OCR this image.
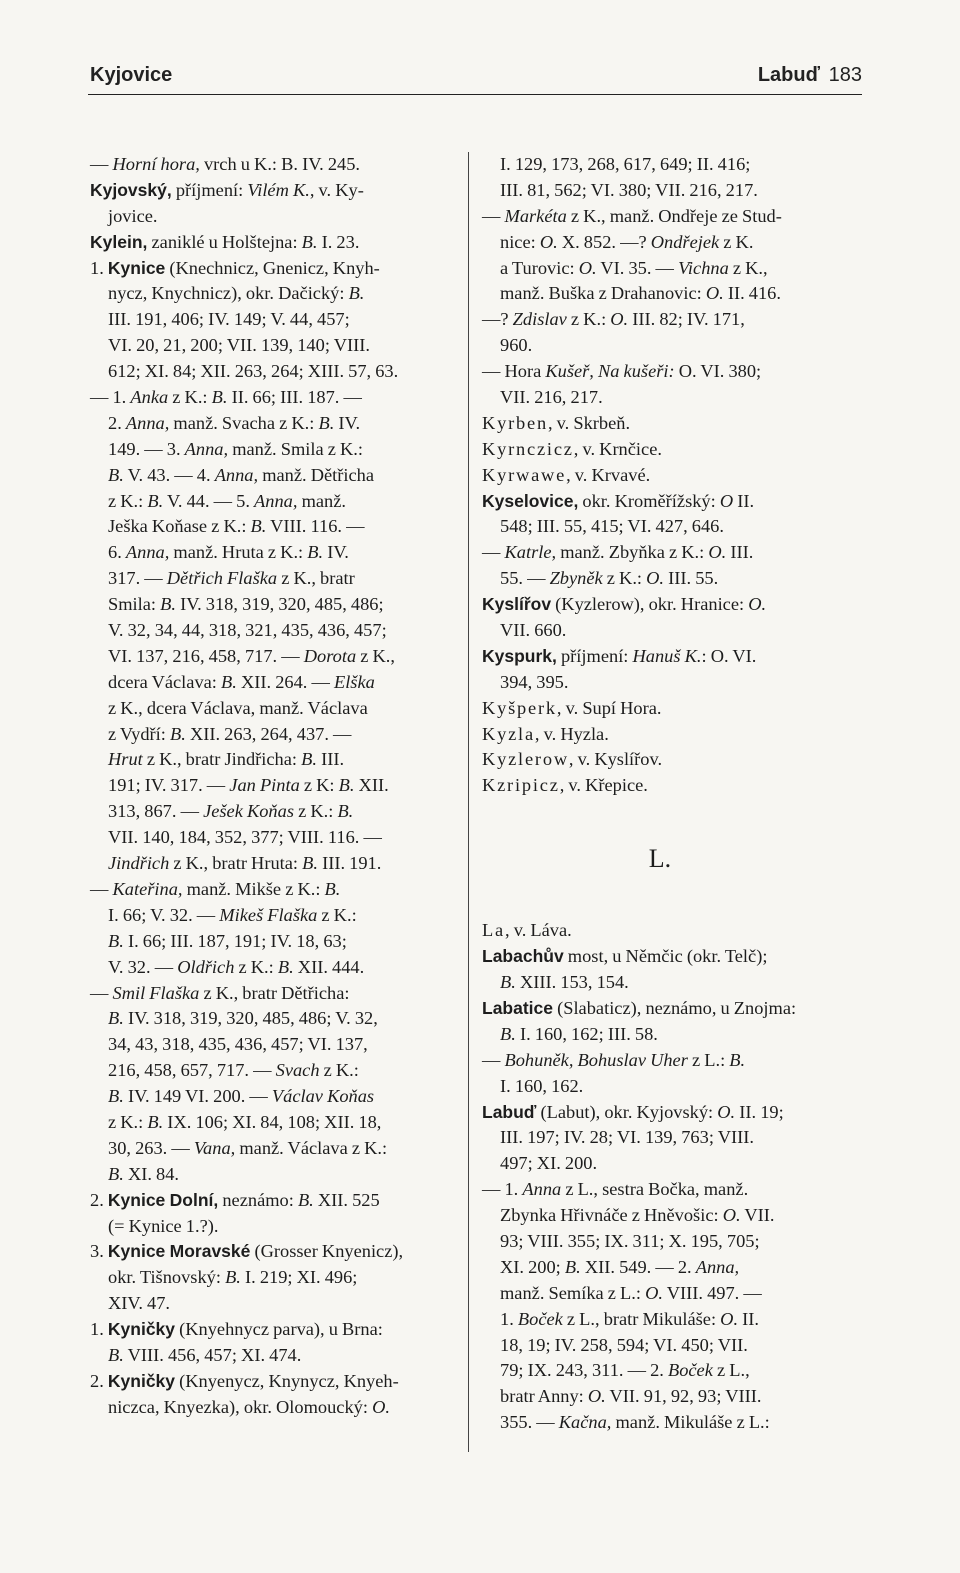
Kyjovice	Labuď 183
— Horní hora, vrch u K.: B. IV. 245.
Kyjovský, příjmení: Vilém K., v. Ky-
jovice.
Kylein, zaniklé u Holštejna: B. I. 23.
1. Kynice (Knechnicz, Gnenicz, Knyh-
nycz, Knychnicz), okr. Dačický: B.
III. 191, 406; IV. 149; V. 44, 457;
VI. 20, 21, 200; VII. 139, 140; VIII.
612; XI. 84; XII. 263, 264; XIII. 57, 63.
— 1. Anka z K.: B. II. 66; III. 187. —
2. Anna, manž. Svacha z K.: B. IV.
149. — 3. Anna, manž. Smila z K.:
B. V. 43. — 4. Anna, manž. Dětřicha
z K.: B. V. 44. — 5. Anna, manž.
Ješka Koňase z K.: B. VIII. 116. —
6. Anna, manž. Hruta z K.: B. IV.
317. — Dětřich Flaška z K., bratr
Smila: B. IV. 318, 319, 320, 485, 486;
V. 32, 34, 44, 318, 321, 435, 436, 457;
VI. 137, 216, 458, 717. — Dorota z K.,
dcera Václava: B. XII. 264. — Elška
z K., dcera Václava, manž. Václava
z Vydří: B. XII. 263, 264, 437. —
Hrut z K., bratr Jindřicha: B. III.
191; IV. 317. — Jan Pinta z K: B. XII.
313, 867. — Ješek Koňas z K.: B.
VII. 140, 184, 352, 377; VIII. 116. —
Jindřich z K., bratr Hruta: B. III. 191.
— Kateřina, manž. Mikše z K.: B.
I. 66; V. 32. — Mikeš Flaška z K.:
B. I. 66; III. 187, 191; IV. 18, 63;
V. 32. — Oldřich z K.: B. XII. 444.
— Smil Flaška z K., bratr Dětřicha:
B. IV. 318, 319, 320, 485, 486; V. 32,
34, 43, 318, 435, 436, 457; VI. 137,
216, 458, 657, 717. — Svach z K.:
B. IV. 149 VI. 200. — Václav Koňas
z K.: B. IX. 106; XI. 84, 108; XII. 18,
30, 263. — Vana, manž. Václava z K.:
B. XI. 84.
2. Kynice Dolní, neznámo: B. XII. 525
(= Kynice 1.?).
3. Kynice Moravské (Grosser Knyenicz),
okr. Tišnovský: B. I. 219; XI. 496;
XIV. 47.
1. Kyničky (Knyehnycz parva), u Brna:
B. VIII. 456, 457; XI. 474.
2. Kyničky (Knyenycz, Knynycz, Knyeh-
niczca, Knyezka), okr. Olomoucký: O.
I. 129, 173, 268, 617, 649; II. 416;
III. 81, 562; VI. 380; VII. 216, 217.
— Markéta z K., manž. Ondřeje ze Stud-
nice: O. X. 852. —? Ondřejek z K.
a Turovic: O. VI. 35. — Vichna z K.,
manž. Buška z Drahanovic: O. II. 416.
—? Zdislav z K.: O. III. 82; IV. 171,
960.
— Hora Kušeř, Na kušeři: O. VI. 380;
VII. 216, 217.
Kyrben, v. Skrbeň.
Kyrnczicz, v. Krnčice.
Kyrwawe, v. Krvavé.
Kyselovice, okr. Kroměřížský: O II.
548; III. 55, 415; VI. 427, 646.
— Katrle, manž. Zbyňka z K.: O. III.
55. — Zbyněk z K.: O. III. 55.
Kyslířov (Kyzlerow), okr. Hranice: O.
VII. 660.
Kyspurk, příjmení: Hanuš K.: O. VI.
394, 395.
Kyšperk, v. Supí Hora.
Kyzla, v. Hyzla.
Kyzlerow, v. Kyslířov.
Kzripicz, v. Křepice.
L.
La, v. Láva.
Labachův most, u Němčic (okr. Telč);
B. XIII. 153, 154.
Labatice (Slabaticz), neznámo, u Znojma:
B. I. 160, 162; III. 58.
— Bohuněk, Bohuslav Uher z L.: B.
I. 160, 162.
Labuď (Labut), okr. Kyjovský: O. II. 19;
III. 197; IV. 28; VI. 139, 763; VIII.
497; XI. 200.
— 1. Anna z L., sestra Bočka, manž.
Zbynka Hřivnáče z Hněvošic: O. VII.
93; VIII. 355; IX. 311; X. 195, 705;
XI. 200; B. XII. 549. — 2. Anna,
manž. Semíka z L.: O. VIII. 497. —
1. Boček z L., bratr Mikuláše: O. II.
18, 19; IV. 258, 594; VI. 450; VII.
79; IX. 243, 311. — 2. Boček z L.,
bratr Anny: O. VII. 91, 92, 93; VIII.
355. — Kačna, manž. Mikuláše z L.:
